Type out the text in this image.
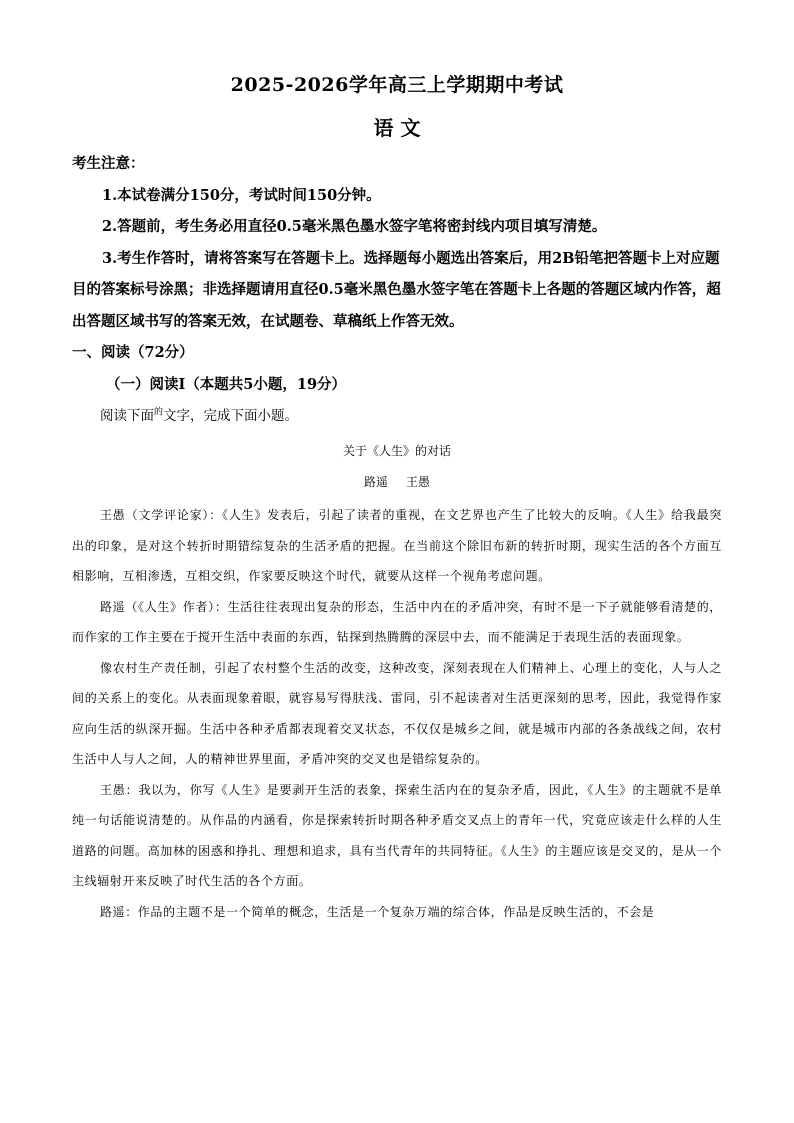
2025-2026学年高三上学期期中考试
语 文

考生注意：

1.本试卷满分150分，考试时间150分钟。

2.答题前，考生务必用直径0.5毫米黑色墨水签字笔将密封线内项目填写清楚。

3.考生作答时，请将答案写在答题卡上。选择题每小题选出答案后，用2B铅笔把答题卡上对应题目的答案标号涂黑；非选择题请用直径0.5毫米黑色墨水签字笔在答题卡上各题的答题区域内作答，超出答题区域书写的答案无效，在试题卷、草稿纸上作答无效。

一、阅读（72分）

（一）阅读Ⅰ（本题共5小题，19分）

阅读下面$^的$文字，完成下面小题。
关于《人生》的对话
路遥 王愚

王愚（文学评论家）：《人生》发表后，引起了读者的重视，在文艺界也产生了比较大的反响。《人生》给我最突出的印象，是对这个转折时期错综复杂的生活矛盾的把握。在当前这个除旧布新的转折时期，现实生活的各个方面互相影响，互相渗透，互相交织，作家要反映这个时代，就要从这样一个视角考虑问题。

路遥（《人生》作者）：生活往往表现出复杂的形态，生活中内在的矛盾冲突，有时不是一下子就能够看清楚的，而作家的工作主要在于搅开生活中表面的东西，钻探到热腾腾的深层中去，而不能满足于表现生活的表面现象。

像农村生产责任制，引起了农村整个生活的改变，这种改变，深刻表现在人们精神上、心理上的变化，人与人之间的关系上的变化。从表面现象着眼，就容易写得肤浅、雷同，引不起读者对生活更深刻的思考，因此，我觉得作家应向生活的纵深开掘。生活中各种矛盾都表现着交叉状态，不仅仅是城乡之间，就是城市内部的各条战线之间，农村生活中人与人之间，人的精神世界里面，矛盾冲突的交叉也是错综复杂的。

王愚：我以为，你写《人生》是要剥开生活的表象，探索生活内在的复杂矛盾，因此，《人生》的主题就不是单纯一句话能说清楚的。从作品的内涵看，你是探索转折时期各种矛盾交叉点上的青年一代，究竟应该走什么样的人生道路的问题。高加林的困惑和挣扎、理想和追求，具有当代青年的共同特征。《人生》的主题应该是交叉的，是从一个主线辐射开来反映了时代生活的各个方面。

路遥：作品的主题不是一个简单的概念，生活是一个复杂万端的综合体，作品是反映生活的，不会是
